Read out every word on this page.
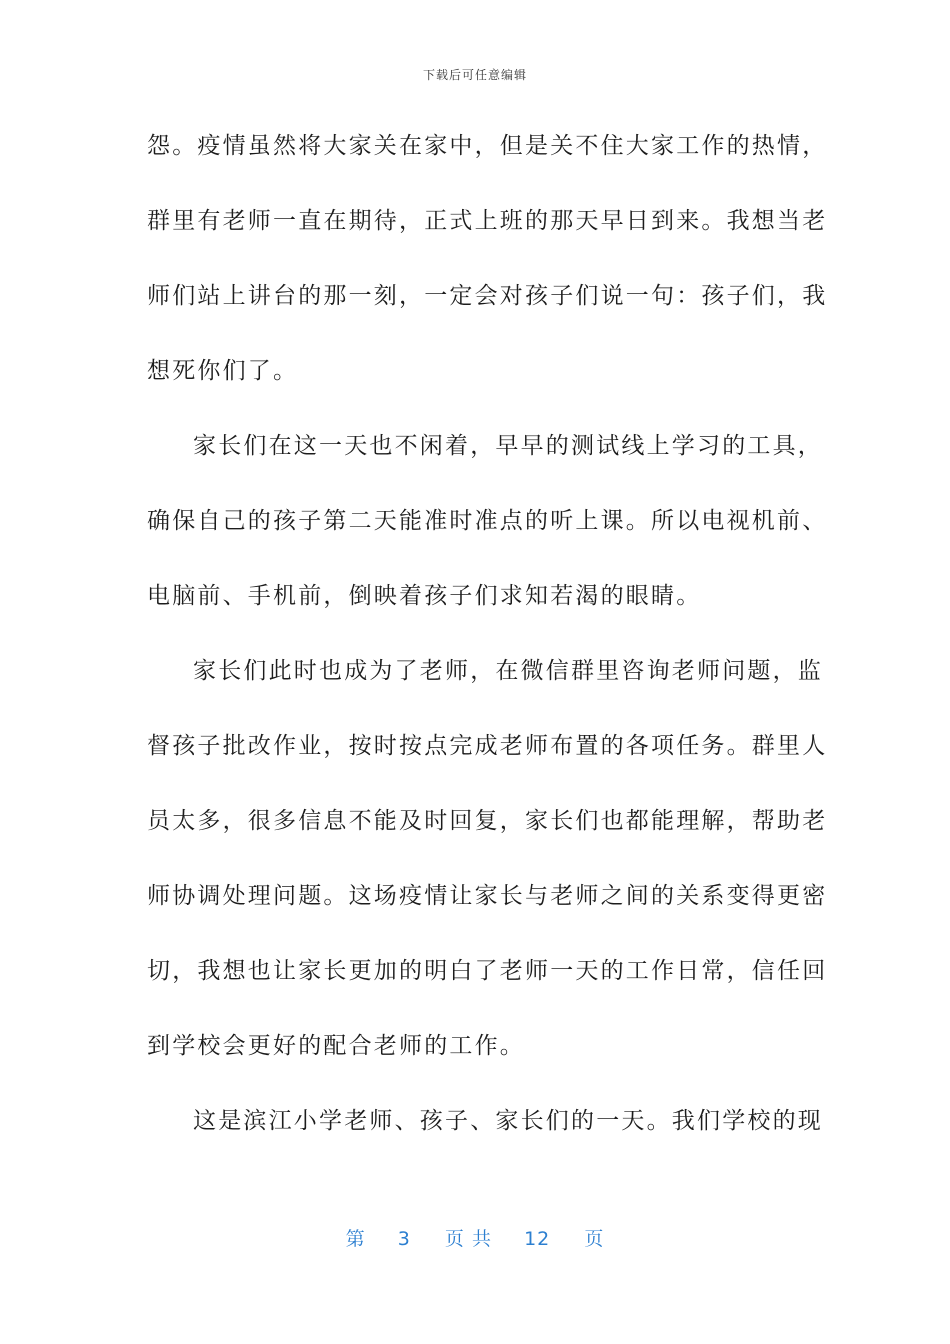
下载后可任意编辑
怨。疫情虽然将大家关在家中，但是关不住大家工作的热情，
群里有老师一直在期待，正式上班的那天早日到来。我想当老
师们站上讲台的那一刻，一定会对孩子们说一句：孩子们，我
想死你们了。
家长们在这一天也不闲着，早早的测试线上学习的工具，
确保自己的孩子第二天能准时准点的听上课。所以电视机前、
电脑前、手机前，倒映着孩子们求知若渴的眼睛。
家长们此时也成为了老师，在微信群里咨询老师问题，监
督孩子批改作业，按时按点完成老师布置的各项任务。群里人
员太多，很多信息不能及时回复，家长们也都能理解，帮助老
师协调处理问题。这场疫情让家长与老师之间的关系变得更密
切，我想也让家长更加的明白了老师一天的工作日常，信任回
到学校会更好的配合老师的工作。
这是滨江小学老师、孩子、家长们的一天。我们学校的现
第 3 页 共 12 页
